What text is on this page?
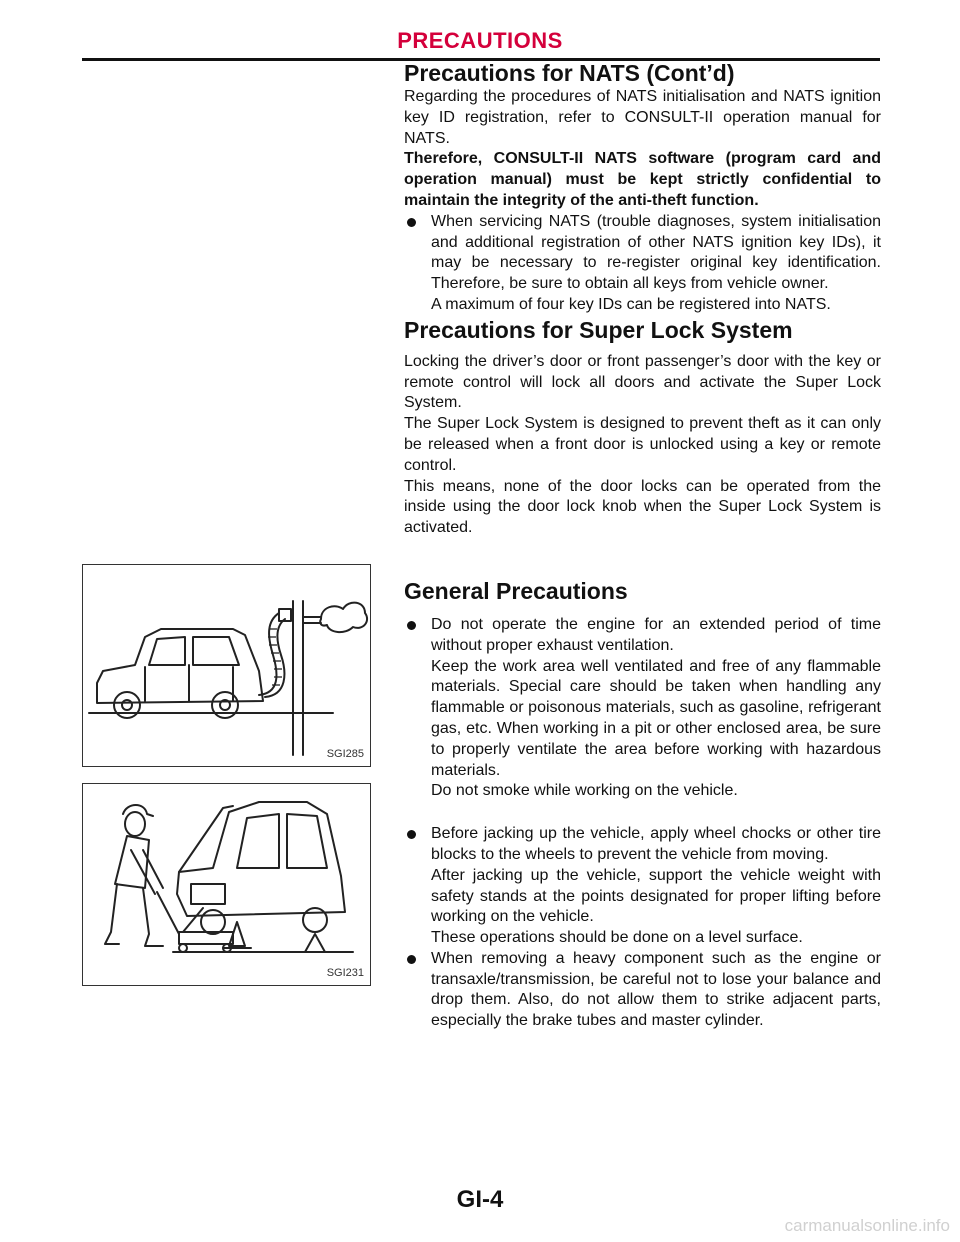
PRECAUTIONS
SGI285
SGI231
Precautions for NATS (Cont’d)

Regarding the procedures of NATS initialisation and NATS ignition key ID registration, refer to CONSULT-II operation manual for NATS.

Therefore, CONSULT-II NATS software (program card and operation manual) must be kept strictly confidential to maintain the integrity of the anti-theft function.

When servicing NATS (trouble diagnoses, system initialisation and additional registration of other NATS ignition key IDs), it may be necessary to re-register original key identification. Therefore, be sure to obtain all keys from vehicle owner.

A maximum of four key IDs can be registered into NATS.

Precautions for Super Lock System

Locking the driver’s door or front passenger’s door with the key or remote control will lock all doors and activate the Super Lock System.

The Super Lock System is designed to prevent theft as it can only be released when a front door is unlocked using a key or remote control.

This means, none of the door locks can be operated from the inside using the door lock knob when the Super Lock System is activated.

General Precautions

Do not operate the engine for an extended period of time without proper exhaust ventilation.

Keep the work area well ventilated and free of any flammable materials. Special care should be taken when handling any flammable or poisonous materials, such as gasoline, refrigerant gas, etc. When working in a pit or other enclosed area, be sure to properly ventilate the area before working with hazardous materials.

Do not smoke while working on the vehicle.

Before jacking up the vehicle, apply wheel chocks or other tire blocks to the wheels to prevent the vehicle from moving.

After jacking up the vehicle, support the vehicle weight with safety stands at the points designated for proper lifting before working on the vehicle.

These operations should be done on a level surface.

When removing a heavy component such as the engine or transaxle/transmission, be careful not to lose your balance and drop them. Also, do not allow them to strike adjacent parts, especially the brake tubes and master cylinder.

GI-4
carmanualsonline.info
